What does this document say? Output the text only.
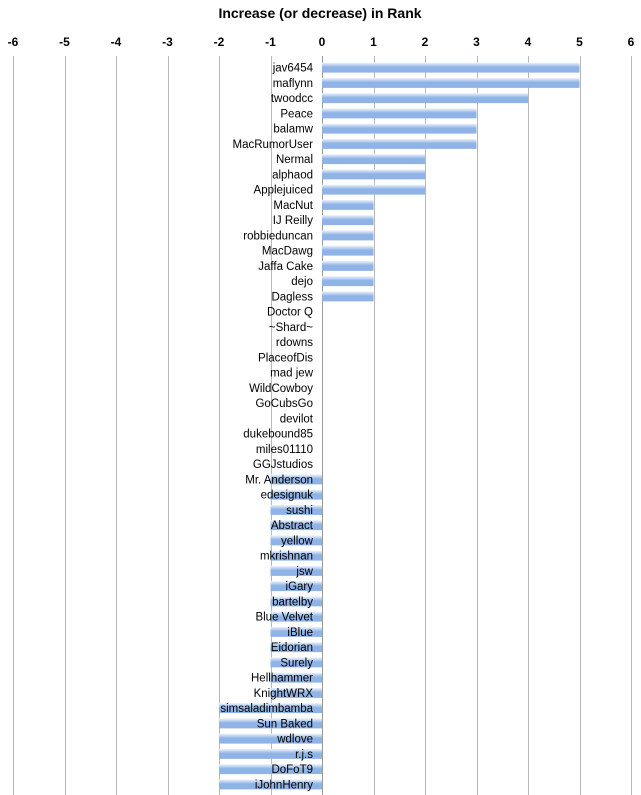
Increase (or decrease) in Rank
-6	-5	-4	-3	-2	-1	0	1	2	3	4	5	6
jav6454
maflynn
twoodcc
Peace
balamw
MacRumorUser
Nermal
alphaod
Applejuiced
MacNut
IJ Reilly
robbieduncan
MacDawg
Jaffa Cake
dejo
Dagless
Doctor Q
~Shard~
rdowns
PlaceofDis
mad jew
WildCowboy
GoCubsGo
devilot
dukebound85
miles01110
GGJstudios
Mr. Anderson
edesignuk
sushi
Abstract
yellow
mkrishnan
jsw
iGary
bartelby
Blue Velvet
iBlue
Eidorian
Surely
Hellhammer
KnightWRX
simsaladimbamba
Sun Baked
wdlove
r.j.s
DoFoT9
iJohnHenry
